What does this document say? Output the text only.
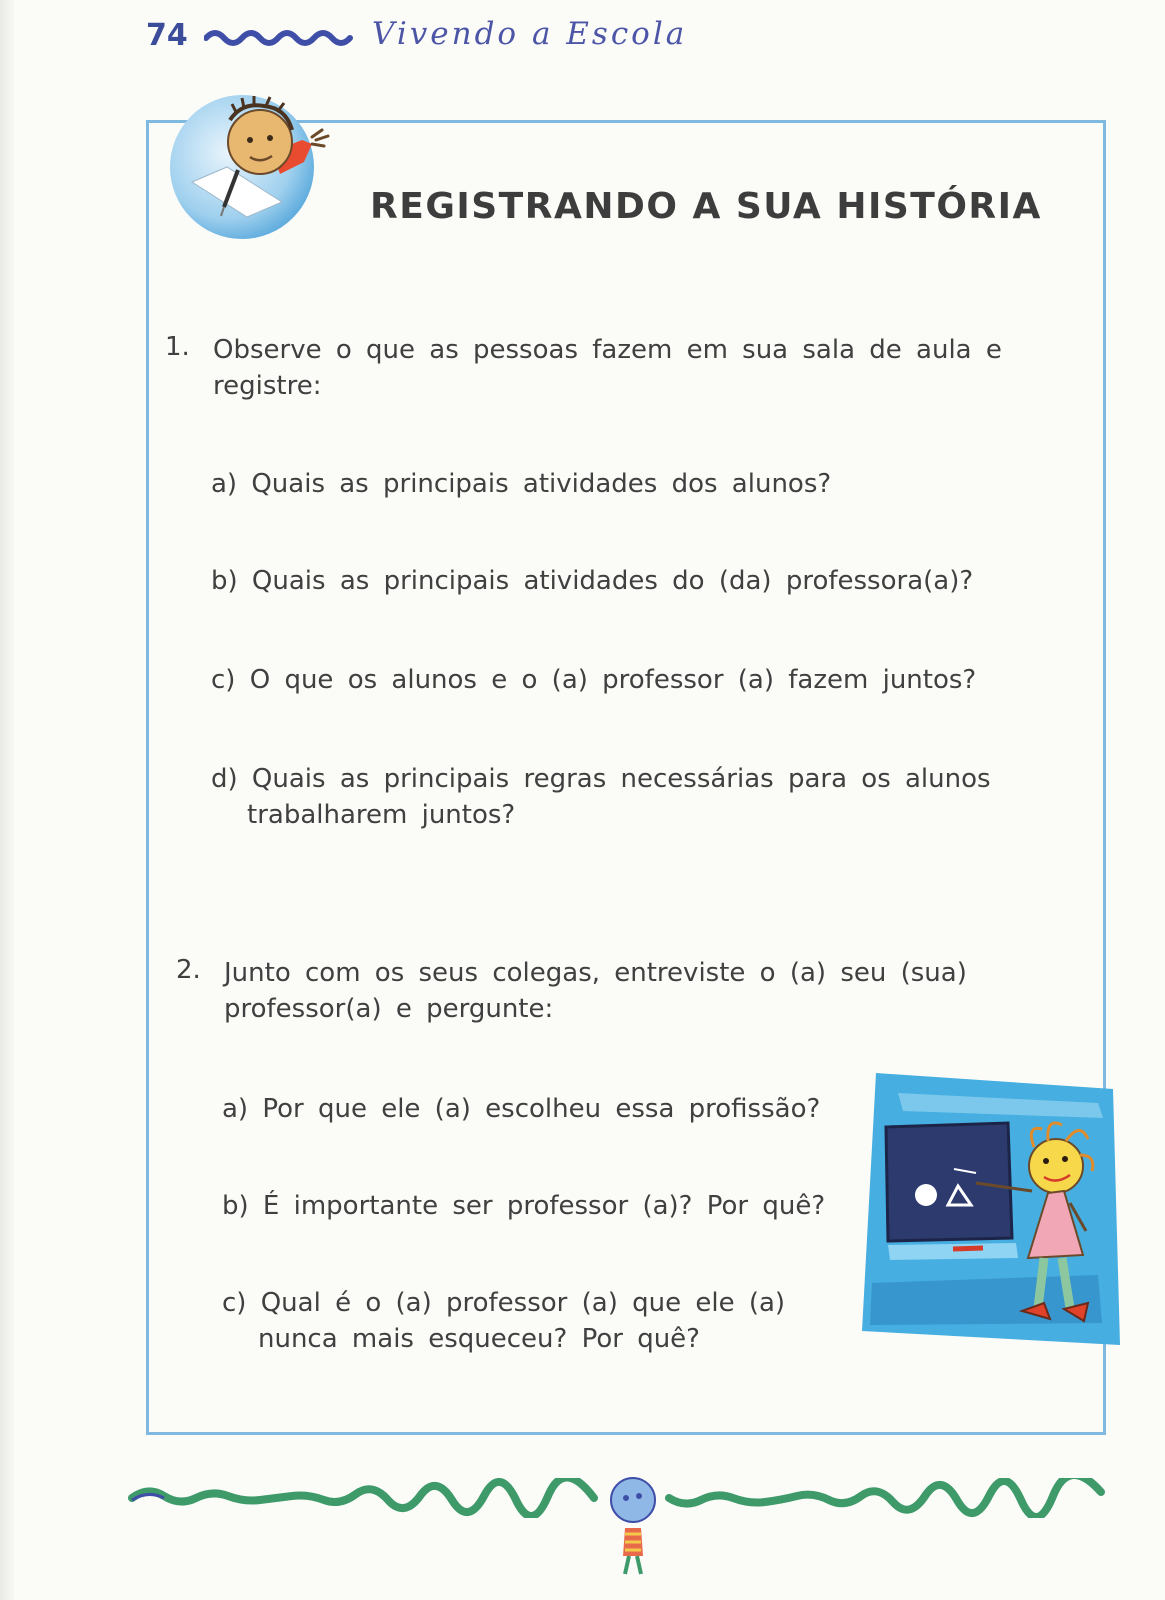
74	Vivendo a Escola
REGISTRANDO A SUA HISTÓRIA
1. Observe o que as pessoas fazem em sua sala de aula e
registre:
a) Quais as principais atividades dos alunos?
b) Quais as principais atividades do (da) professora(a)?
c) O que os alunos e o (a) professor (a) fazem juntos?
d) Quais as principais regras necessárias para os alunos
trabalharem juntos?
2. Junto com os seus colegas, entreviste o (a) seu (sua)
professor(a) e pergunte:
a) Por que ele (a) escolheu essa profissão?
b) É importante ser professor (a)? Por quê?
c) Qual é o (a) professor (a) que ele (a)
nunca mais esqueceu? Por quê?
